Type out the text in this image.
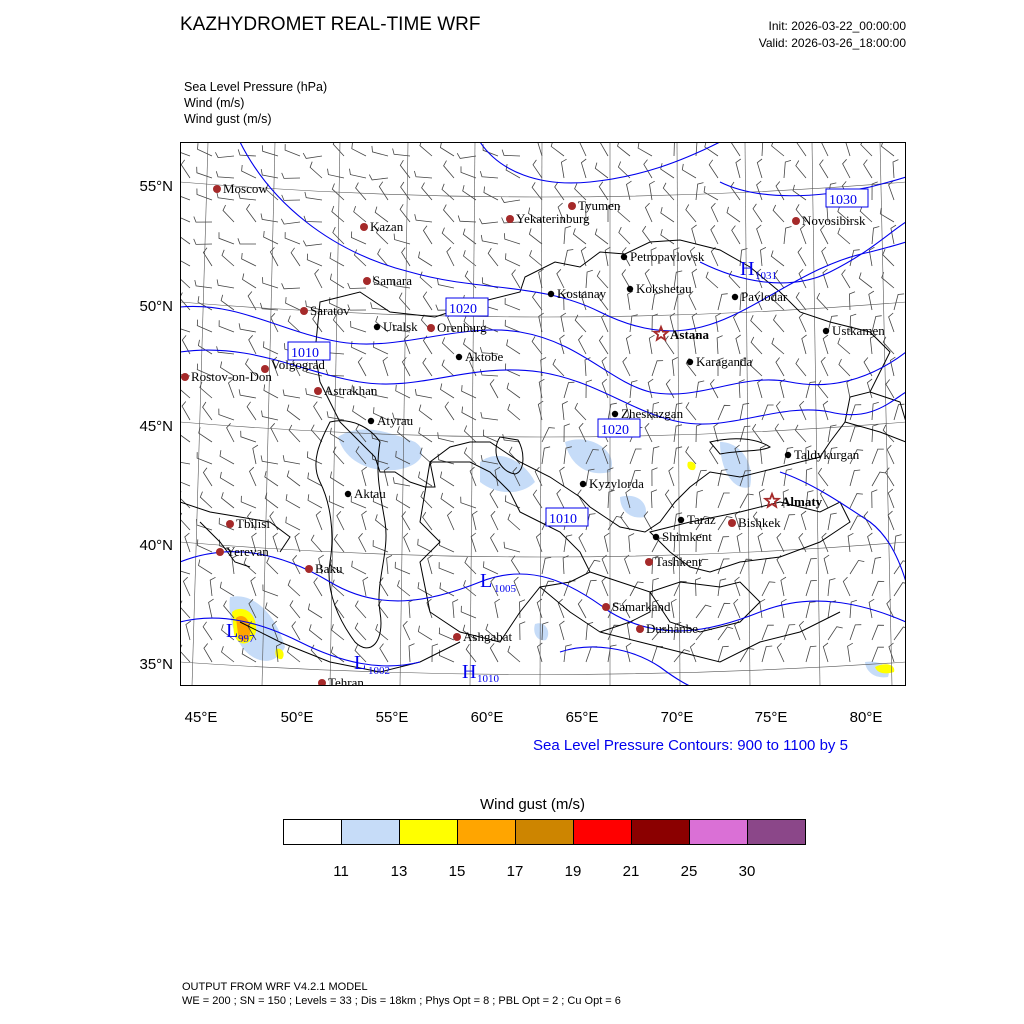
KAZHYDROMET REAL-TIME WRF	Init: 2026-03-22_00:00:00
Valid: 2026-03-26_18:00:00
Sea Level Pressure (hPa)
Wind (m/s)
Wind gust (m/s)
1030
1020
1010
1020
1010
H 1031
L 1005
L 997
L 1002	H 1010
Petropavlovsk
Kostanay Kokshetau
Pavlodar
Uralsk
Aktobe
Ustkamen
Karaganda
Atyrau	Zheskazgan
Taldykurgan
Kyzylorda
Aktau
Taraz
Shimkent
Moscow
Tyumen
Yekaterinburg	Novosibirsk
Kazan
Samara
Saratov
Orenburg
Volgograd
Rostov-on-Don
Astrakhan
Tbilisi	Bishkek
Yerevan
Baku	Tashkent
Samarkand
Dushanbe
Ashgabat
Tehran
Astana
Almaty
55°N
50°N
45°N
40°N
35°N
45°E	50°E	55°E	60°E	65°E	70°E	75°E	80°E
Sea Level Pressure Contours: 900 to 1100 by 5
Wind gust (m/s)
11	13	15	17	19	21	25	30
OUTPUT FROM WRF V4.2.1 MODEL
WE = 200 ; SN = 150 ; Levels = 33 ; Dis = 18km ; Phys Opt = 8 ; PBL Opt = 2 ; Cu Opt = 6
